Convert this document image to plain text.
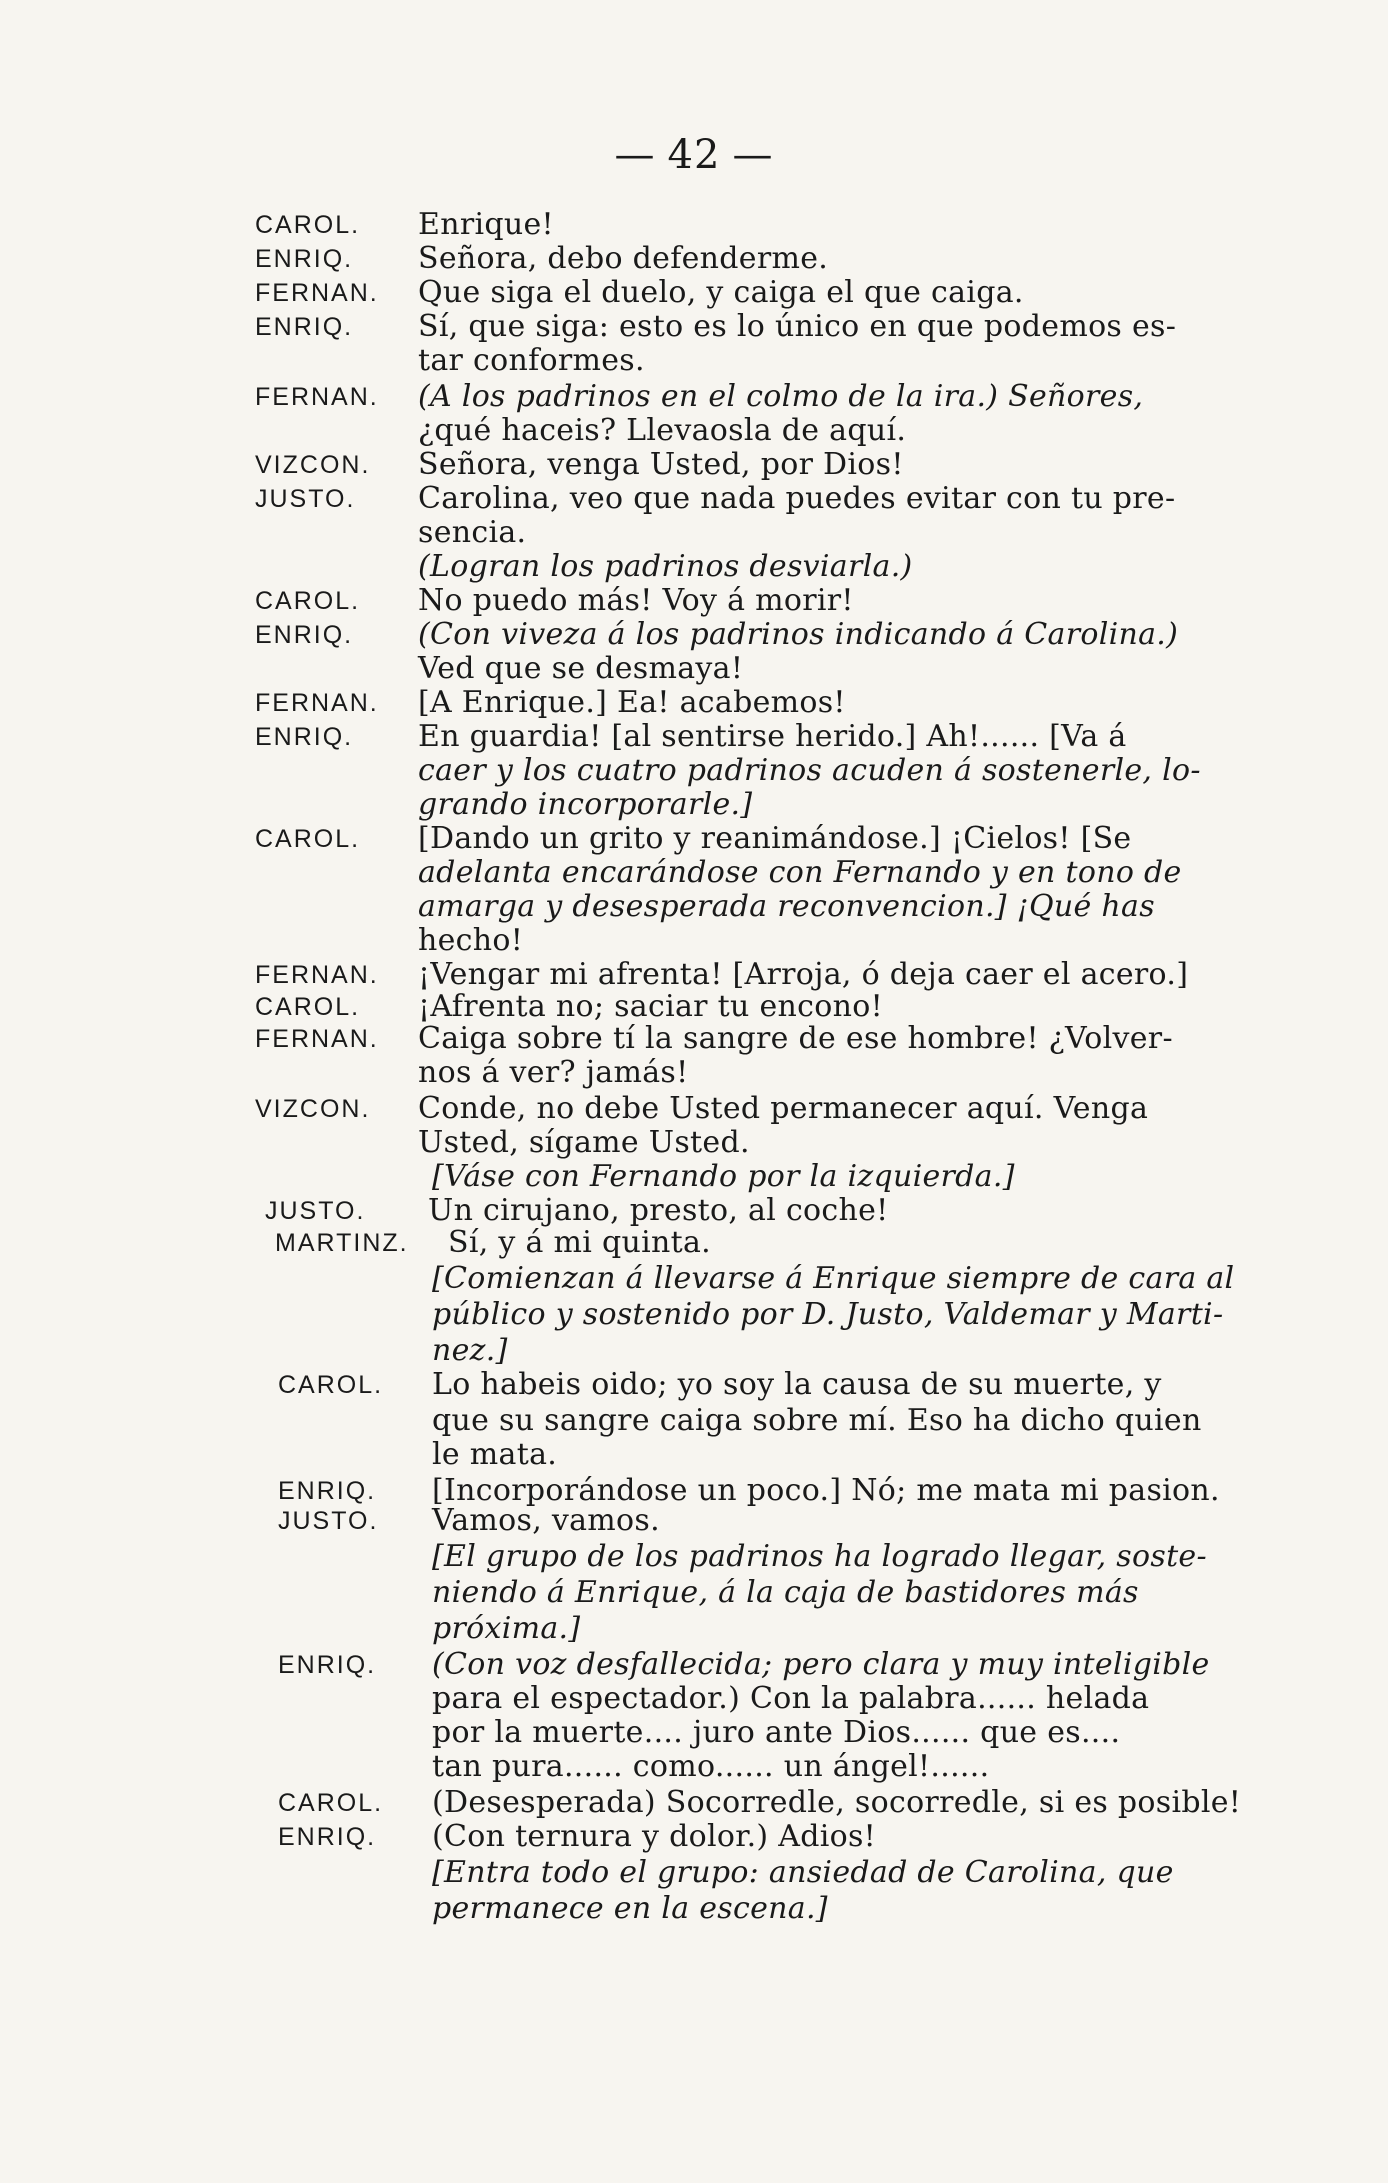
— 42 —
CAROL. Enrique!
ENRIQ. Señora, debo defenderme.
FERNAN. Que siga el duelo, y caiga el que caiga.
ENRIQ. Sí, que siga: esto es lo único en que podemos es-
tar conformes.
FERNAN. (A los padrinos en el colmo de la ira.) Señores,
¿qué haceis? Llevaosla de aquí.
VIZCON. Señora, venga Usted, por Dios!
JUSTO. Carolina, veo que nada puedes evitar con tu pre-
sencia.
(Logran los padrinos desviarla.)
CAROL. No puedo más! Voy á morir!
ENRIQ. (Con viveza á los padrinos indicando á Carolina.)
Ved que se desmaya!
FERNAN. [A Enrique.] Ea! acabemos!
ENRIQ. En guardia! [al sentirse herido.] Ah!...... [Va á
caer y los cuatro padrinos acuden á sostenerle, lo-
grando incorporarle.]
CAROL. [Dando un grito y reanimándose.] ¡Cielos! [Se
adelanta encarándose con Fernando y en tono de
amarga y desesperada reconvencion.] ¡Qué has
hecho!
FERNAN. ¡Vengar mi afrenta! [Arroja, ó deja caer el acero.]
CAROL. ¡Afrenta no; saciar tu encono!
FERNAN. Caiga sobre tí la sangre de ese hombre! ¿Volver-
nos á ver? jamás!
VIZCON. Conde, no debe Usted permanecer aquí. Venga
Usted, sígame Usted.
[Váse con Fernando por la izquierda.]
JUSTO. Un cirujano, presto, al coche!
MARTINZ. Sí, y á mi quinta.
[Comienzan á llevarse á Enrique siempre de cara al
público y sostenido por D. Justo, Valdemar y Marti-
nez.]
CAROL. Lo habeis oido; yo soy la causa de su muerte, y
que su sangre caiga sobre mí. Eso ha dicho quien
le mata.
ENRIQ. [Incorporándose un poco.] Nó; me mata mi pasion.
JUSTO. Vamos, vamos.
[El grupo de los padrinos ha logrado llegar, soste-
niendo á Enrique, á la caja de bastidores más
próxima.]
ENRIQ. (Con voz desfallecida; pero clara y muy inteligible
para el espectador.) Con la palabra...... helada
por la muerte.... juro ante Dios...... que es....
tan pura...... como...... un ángel!......
CAROL. (Desesperada) Socorredle, socorredle, si es posible!
ENRIQ. (Con ternura y dolor.) Adios!
[Entra todo el grupo: ansiedad de Carolina, que
permanece en la escena.]
